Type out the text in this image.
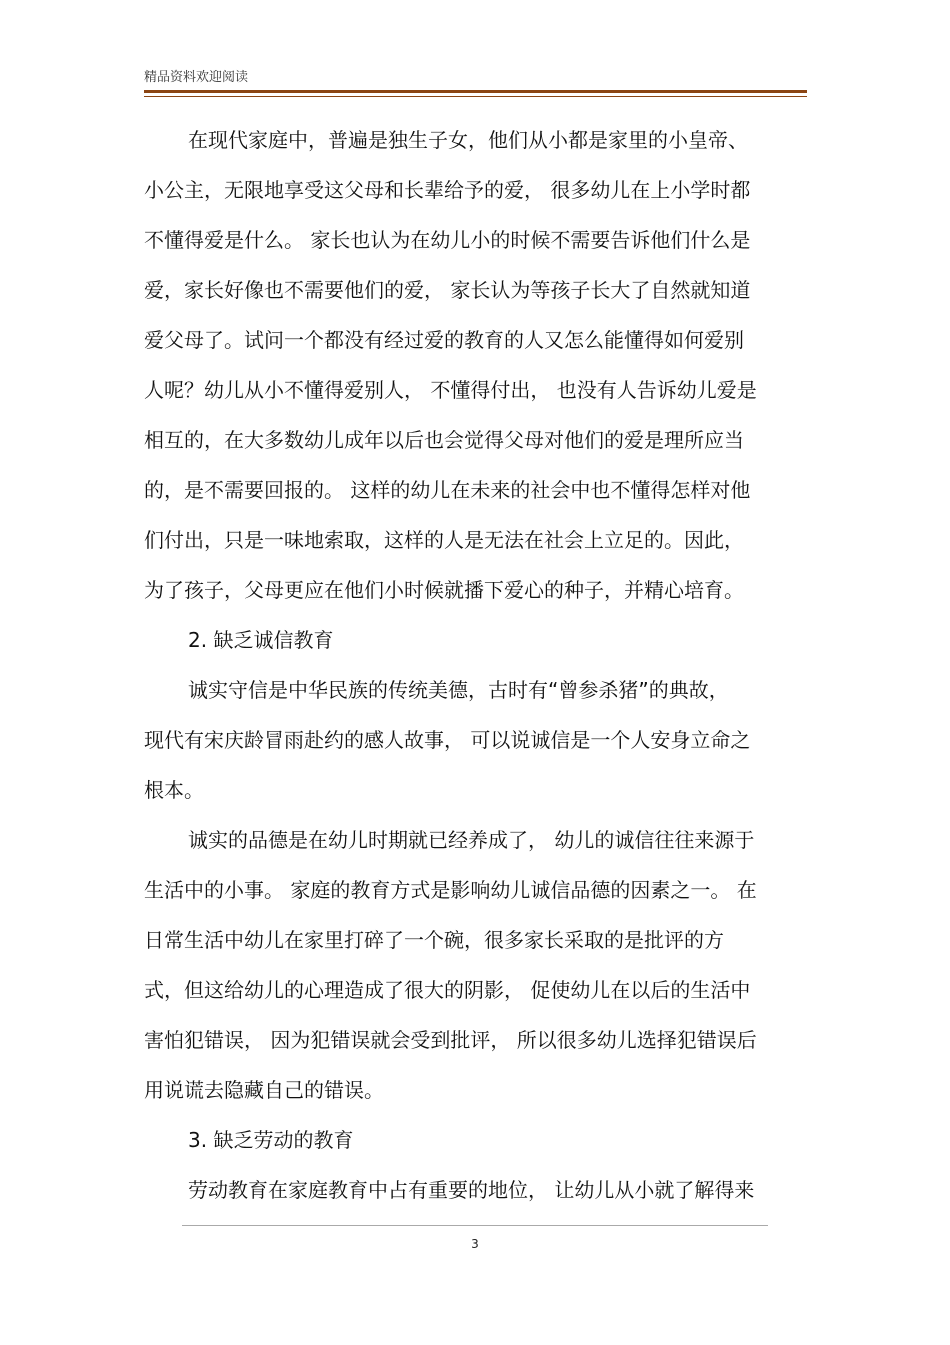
精品资料欢迎阅读
在现代家庭中，普遍是独生子女，他们从小都是家里的小皇帝、
小公主，无限地享受这父母和长辈给予的爱， 很多幼儿在上小学时都
不懂得爱是什么。 家长也认为在幼儿小的时候不需要告诉他们什么是
爱，家长好像也不需要他们的爱， 家长认为等孩子长大了自然就知道
爱父母了。试问一个都没有经过爱的教育的人又怎么能懂得如何爱别
人呢？幼儿从小不懂得爱别人， 不懂得付出， 也没有人告诉幼儿爱是
相互的，在大多数幼儿成年以后也会觉得父母对他们的爱是理所应当
的，是不需要回报的。 这样的幼儿在未来的社会中也不懂得怎样对他
们付出，只是一味地索取，这样的人是无法在社会上立足的。因此，
为了孩子，父母更应在他们小时候就播下爱心的种子，并精心培育。
2. 缺乏诚信教育
诚实守信是中华民族的传统美德，古时有“曾参杀猪”的典故，
现代有宋庆龄冒雨赴约的感人故事， 可以说诚信是一个人安身立命之
根本。
诚实的品德是在幼儿时期就已经养成了， 幼儿的诚信往往来源于
生活中的小事。 家庭的教育方式是影响幼儿诚信品德的因素之一。 在
日常生活中幼儿在家里打碎了一个碗，很多家长采取的是批评的方
式，但这给幼儿的心理造成了很大的阴影， 促使幼儿在以后的生活中
害怕犯错误， 因为犯错误就会受到批评， 所以很多幼儿选择犯错误后
用说谎去隐藏自己的错误。
3. 缺乏劳动的教育
劳动教育在家庭教育中占有重要的地位， 让幼儿从小就了解得来
3
